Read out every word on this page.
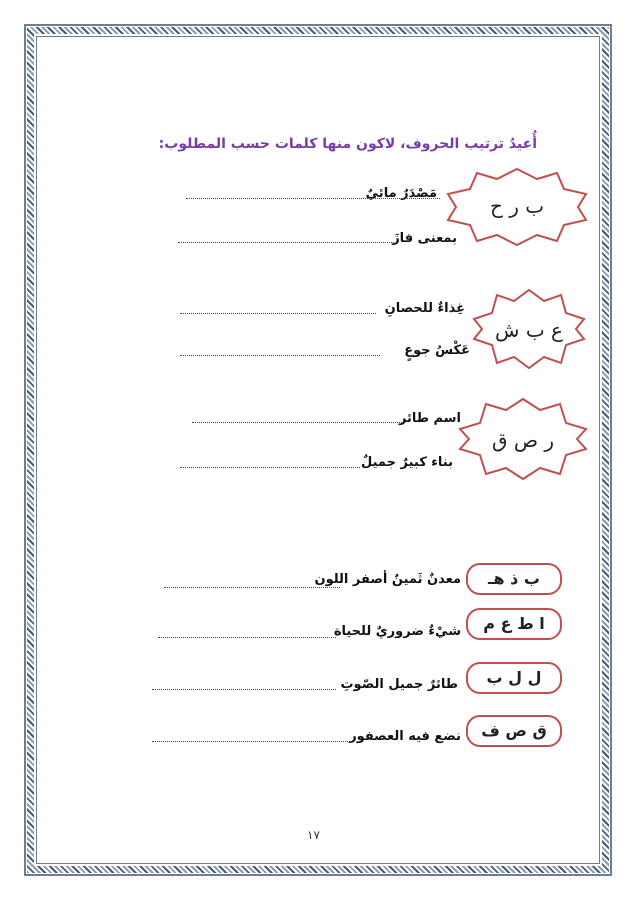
أُعيدُ ترتيب الحروف، لاكون منها كلمات حسب المطلوب:
ب ر ح
مَصْدَرٌ مائيٌ
بمعنى فازَ
ع ب ش
غِذاءٌ للحصانِ
عَكْسُ جوعٍ
ر ص ق
اسم طائر
بناء كبيرٌ جميلٌ
ب ذ هـ
معدنٌ ثَمينٌ أصفر اللون
ا ط ع م
شيْءٌ ضروريٌ للحياة
ل ل ب
طائرٌ جميل الصّوتِ
ق ص ف
نضع فيه العصفور
١٧
